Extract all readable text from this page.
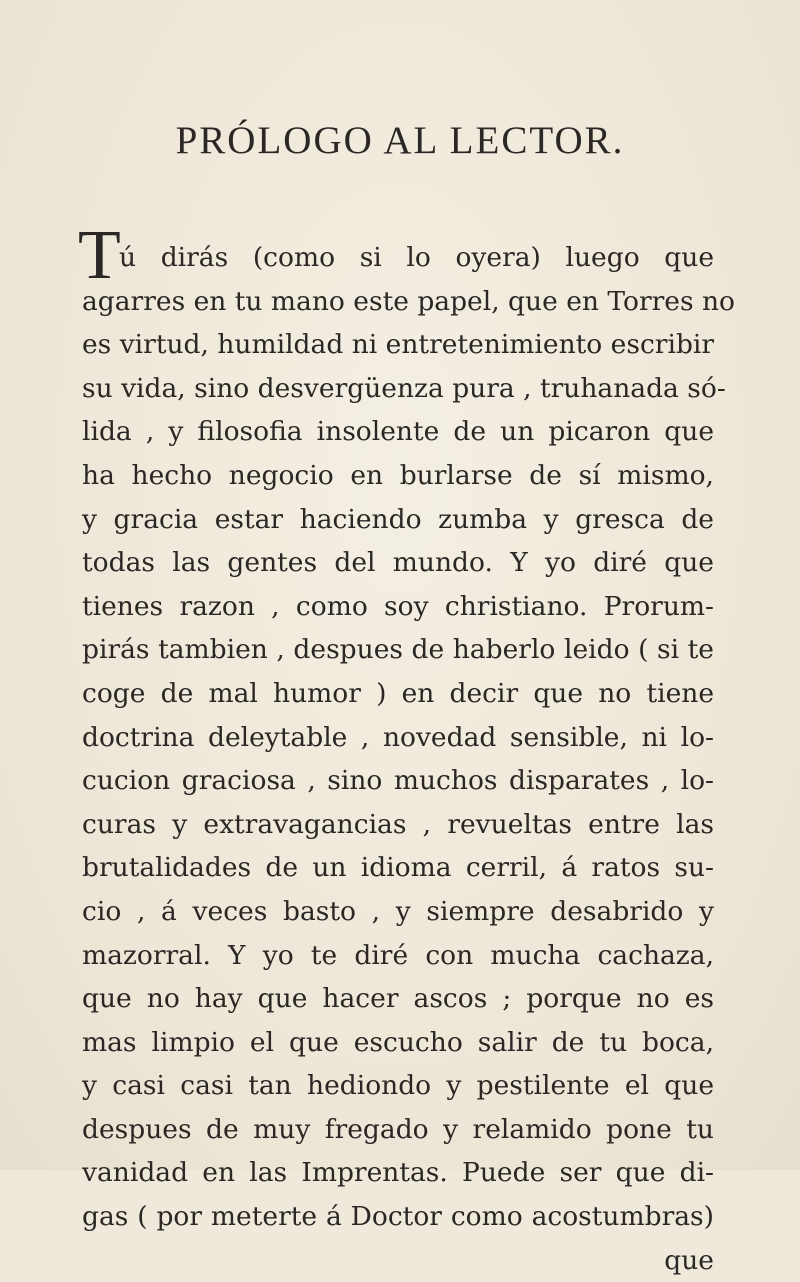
PRÓLOGO AL LECTOR.
T
ú dirás (como si lo oyera) luego que
agarres en tu mano este papel, que en Torres no
es virtud, humildad ni entretenimiento escribir
su vida, sino desvergüenza pura , truhanada só-
lida , y filosofia insolente de un picaron que
ha hecho negocio en burlarse de sí mismo,
y gracia estar haciendo zumba y gresca de
todas las gentes del mundo. Y yo diré que
tienes razon , como soy christiano. Prorum-
pirás tambien , despues de haberlo leido ( si te
coge de mal humor ) en decir que no tiene
doctrina deleytable , novedad sensible, ni lo-
cucion graciosa , sino muchos disparates , lo-
curas y extravagancias , revueltas entre las
brutalidades de un idioma cerril, á ratos su-
cio , á veces basto , y siempre desabrido y
mazorral. Y yo te diré con mucha cachaza,
que no hay que hacer ascos ; porque no es
mas limpio el que escucho salir de tu boca,
y casi casi tan hediondo y pestilente el que
despues de muy fregado y relamido pone tu
vanidad en las Imprentas. Puede ser que di-
gas ( por meterte á Doctor como acostumbras)
que
